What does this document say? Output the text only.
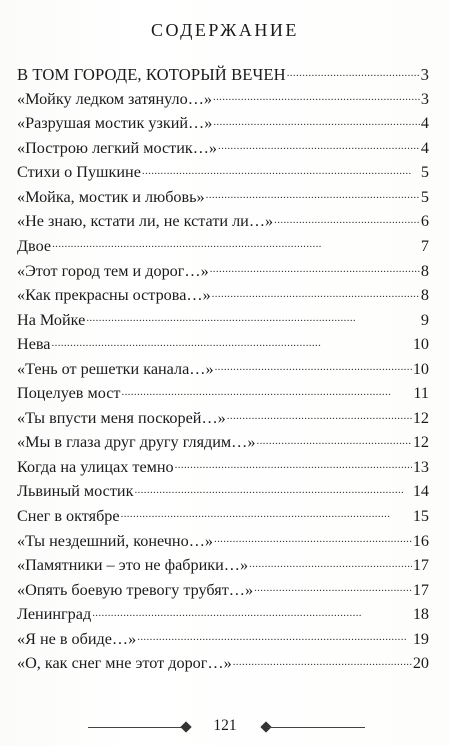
СОДЕРЖАНИЕ
В ТОМ ГОРОДЕ, КОТОРЫЙ ВЕЧЕН . . .	3
«Мойку ледком затянуло…» . . .	3
«Разрушая мостик узкий…» . . .	4
«Построю легкий мостик…» . . .	4
Стихи о Пушкине . . .	5
«Мойка, мостик и любовь» . . .	5
«Не знаю, кстати ли, не кстати ли…» . . .	6
Двое . . .	7
«Этот город тем и дорог…» . . .	8
«Как прекрасны острова…» . . .	8
На Мойке . . .	9
Нева . . .	10
«Тень от решетки канала…» . . .	10
Поцелуев мост . . .	11
«Ты впусти меня поскорей…» . . .	12
«Мы в глаза друг другу глядим…» . . .	12
Когда на улицах темно . . .	13
Львиный мостик . . .	14
Снег в октябре . . .	15
«Ты нездешний, конечно…» . . .	16
«Памятники – это не фабрики…» . . .	17
«Опять боевую тревогу трубят…» . . .	17
Ленинград . . .	18
«Я не в обиде…» . . .	19
«О, как снег мне этот дорог…» . . .	20
121
